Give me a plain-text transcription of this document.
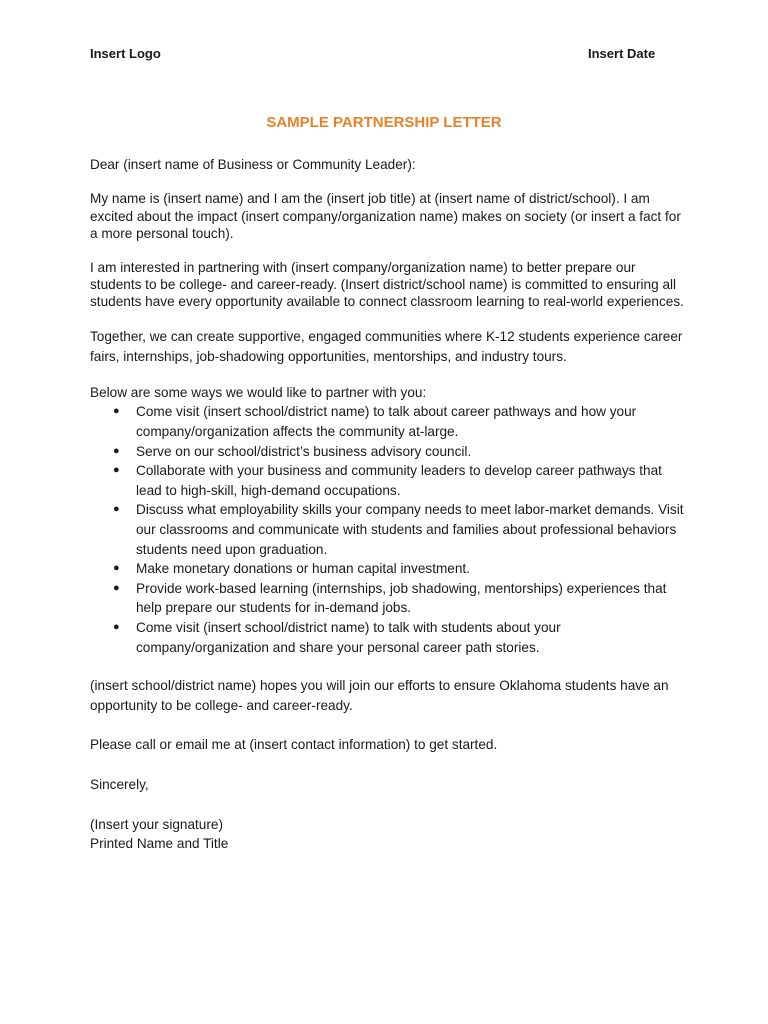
Insert Logo	Insert Date
SAMPLE PARTNERSHIP LETTER

Dear (insert name of Business or Community Leader):

My name is (insert name) and I am the (insert job title) at (insert name of district/school). I am excited about the impact (insert company/organization name) makes on society (or insert a fact for a more personal touch).

I am interested in partnering with (insert company/organization name) to better prepare our students to be college- and career-ready. (Insert district/school name) is committed to ensuring all students have every opportunity available to connect classroom learning to real-world experiences.

Together, we can create supportive, engaged communities where K-12 students experience career fairs, internships, job-shadowing opportunities, mentorships, and industry tours.

Below are some ways we would like to partner with you:
● Come visit (insert school/district name) to talk about career pathways and how your company/organization affects the community at-large.
● Serve on our school/district’s business advisory council.
● Collaborate with your business and community leaders to develop career pathways that lead to high-skill, high-demand occupations.
● Discuss what employability skills your company needs to meet labor-market demands. Visit our classrooms and communicate with students and families about professional behaviors students need upon graduation.
● Make monetary donations or human capital investment.
● Provide work-based learning (internships, job shadowing, mentorships) experiences that help prepare our students for in-demand jobs.
● Come visit (insert school/district name) to talk with students about your company/organization and share your personal career path stories.

(insert school/district name) hopes you will join our efforts to ensure Oklahoma students have an opportunity to be college- and career-ready.

Please call or email me at (insert contact information) to get started.

Sincerely,

(Insert your signature)
Printed Name and Title
